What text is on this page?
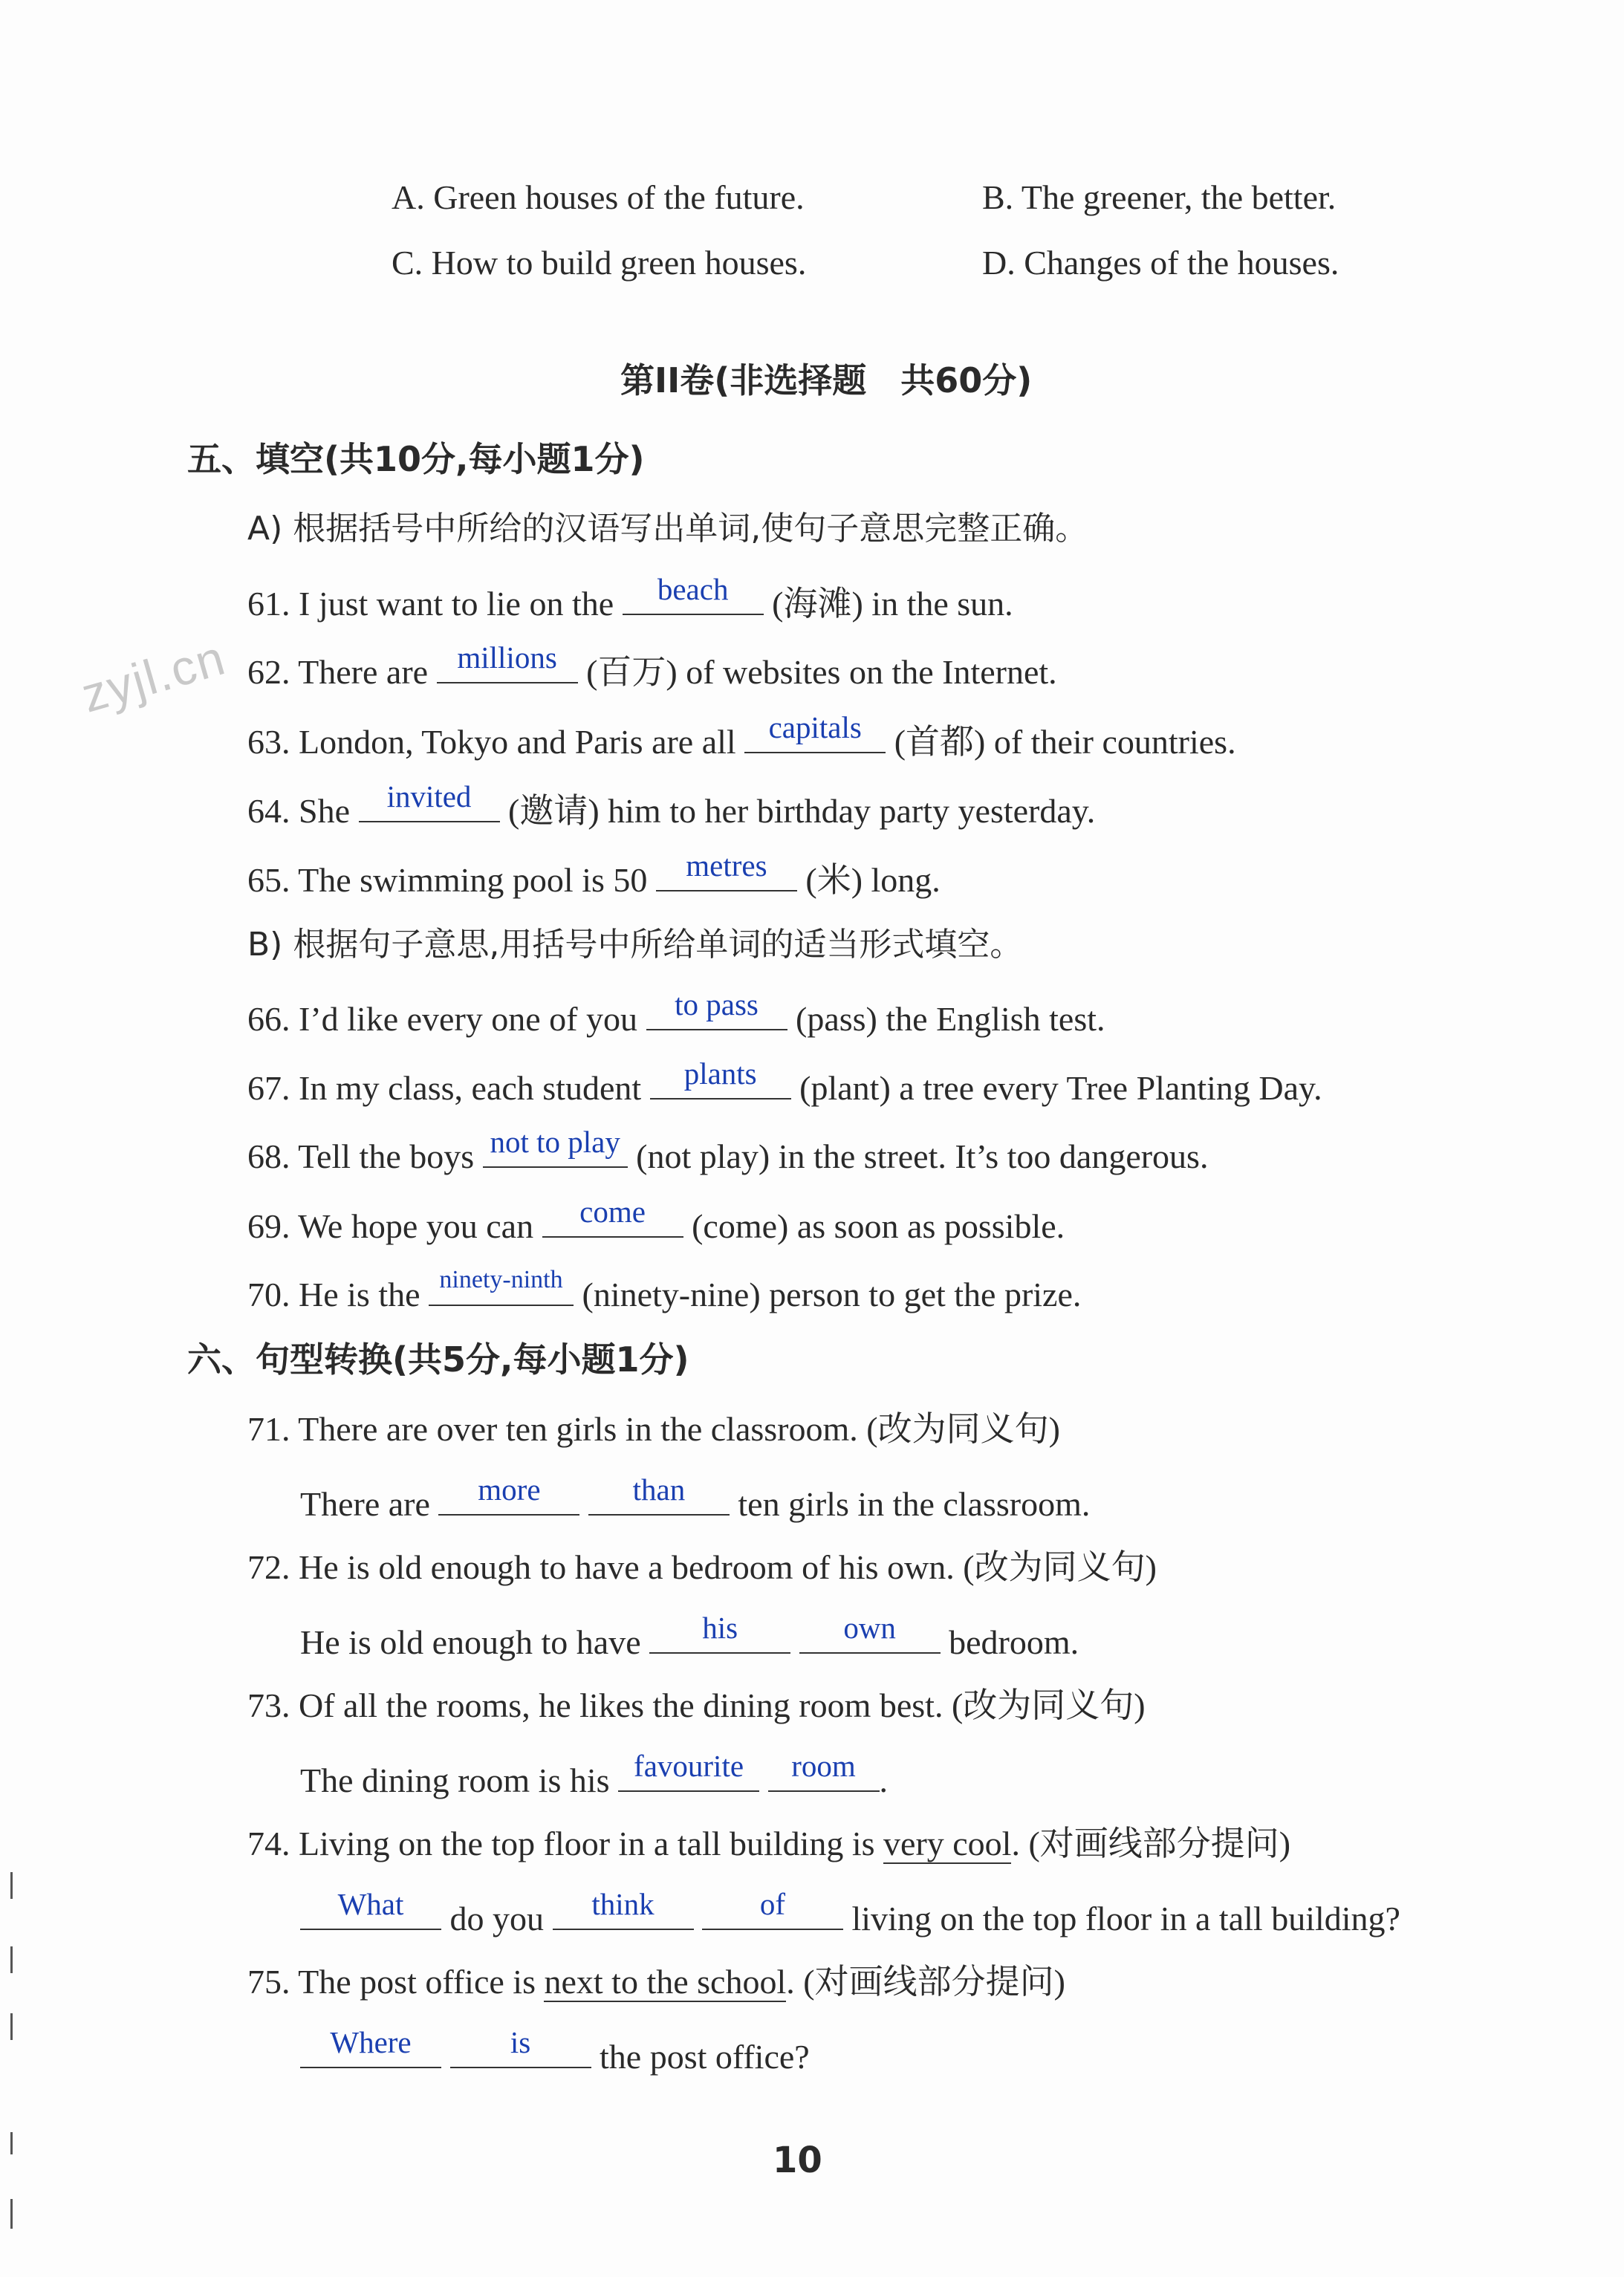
zyjl.cn
A. Green houses of the future.	B. The greener, the better.
C. How to build green houses.	D. Changes of the houses.
第II卷(非选择题　共60分)
五、填空(共10分,每小题1分)
A) 根据括号中所给的汉语写出单词,使句子意思完整正确。
61. I just want to lie on the	beach	(海滩) in the sun.
62. There are millions (百万) of websites on the Internet.
63. London, Tokyo and Paris are all	capitals (首都) of their countries.
64. She	invited	(邀请) him to her birthday party yesterday.
65. The swimming pool is 50	metres	(米) long.
B) 根据句子意思,用括号中所给单词的适当形式填空。
66. I’d like every one of you	to pass	(pass) the English test.
67. In my class, each student	plants	(plant) a tree every Tree Planting Day.
68. Tell the boys not to play (not play) in the street. It’s too dangerous.
69. We hope you can	come	(come) as soon as possible.
70. He is the ninety-ninth (ninety-nine) person to get the prize.
六、句型转换(共5分,每小题1分)
71. There are over ten girls in the classroom. (改为同义句)
There are	more
	than	ten girls in the classroom.
72. He is old enough to have a bedroom of his own. (改为同义句)
He is old enough to have	his
	own	bedroom.
73. Of all the rooms, he likes the dining room best. (改为同义句)
The dining room is his favourite
	room .
74. Living on the top floor in a tall building is very cool. (对画线部分提问)
What	do you	think
	of	living on the top floor in a tall building?
75. The post office is next to the school. (对画线部分提问)
Where
	is	the post office?
10
